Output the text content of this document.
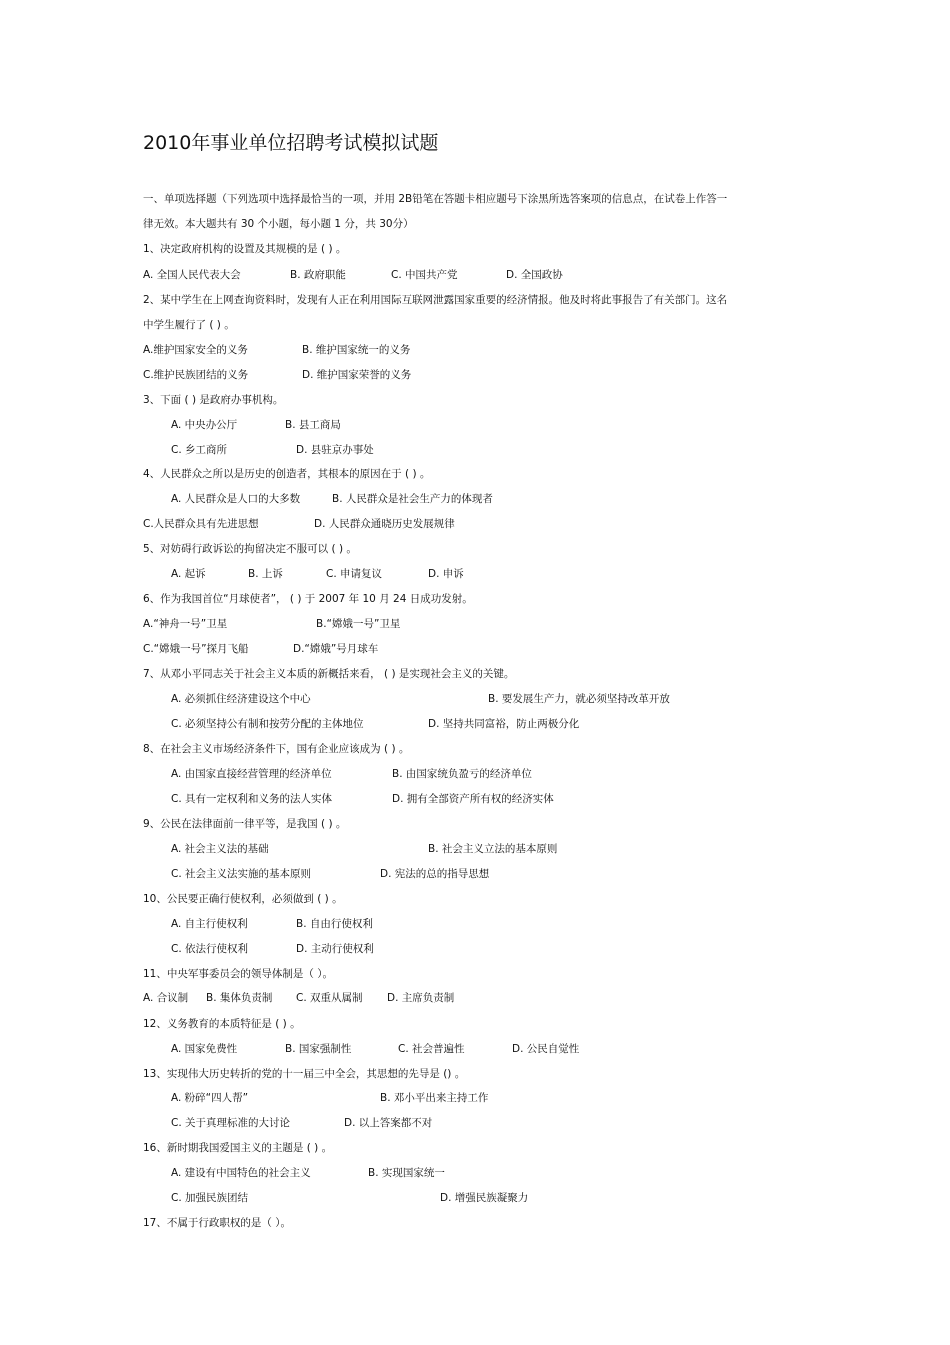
2010年事业单位招聘考试模拟试题
一、单项选择题（下列选项中选择最恰当的一项，并用 2B铅笔在答题卡相应题号下涂黑所选答案项的信息点，在试卷上作答一
律无效。本大题共有 30 个小题，每小题 1 分，共 30分）
1、决定政府机构的设置及其规模的是 ( ) 。
A. 全国人民代表大会	B. 政府职能	C. 中国共产党	D. 全国政协
2、某中学生在上网查询资料时，发现有人正在利用国际互联网泄露国家重要的经济情报。他及时将此事报告了有关部门。这名
中学生履行了 ( ) 。
A.维护国家安全的义务	B. 维护国家统一的义务
C.维护民族团结的义务	D. 维护国家荣誉的义务
3、下面 ( ) 是政府办事机构。
A. 中央办公厅	B. 县工商局
C. 乡工商所	D. 县驻京办事处
4、人民群众之所以是历史的创造者，其根本的原因在于 ( ) 。
A. 人民群众是人口的大多数	B. 人民群众是社会生产力的体现者
C.人民群众具有先进思想	D. 人民群众通晓历史发展规律
5、对妨碍行政诉讼的拘留决定不服可以 ( ) 。
A. 起诉	B. 上诉	C. 申请复议	D. 申诉
6、作为我国首位“月球使者”， ( ) 于 2007 年 10 月 24 日成功发射。
A.“神舟一号”卫星	B.“嫦娥一号”卫星
C.“嫦娥一号”探月飞船	D.“嫦娥”号月球车
7、从邓小平同志关于社会主义本质的新概括来看， ( ) 是实现社会主义的关键。
A. 必须抓住经济建设这个中心	B. 要发展生产力，就必须坚持改革开放
C. 必须坚持公有制和按劳分配的主体地位	D. 坚持共同富裕，防止两极分化
8、在社会主义市场经济条件下，国有企业应该成为 ( ) 。
A. 由国家直接经营管理的经济单位	B. 由国家统负盈亏的经济单位
C. 具有一定权利和义务的法人实体	D. 拥有全部资产所有权的经济实体
9、公民在法律面前一律平等，是我国 ( ) 。
A. 社会主义法的基础	B. 社会主义立法的基本原则
C. 社会主义法实施的基本原则	D. 宪法的总的指导思想
10、公民要正确行使权利，必须做到 ( ) 。
A. 自主行使权利	B. 自由行使权利
C. 依法行使权利	D. 主动行使权利
11、中央军事委员会的领导体制是（ ）。
A. 合议制 B. 集体负责制 C. 双重从属制 D. 主席负责制
12、义务教育的本质特征是 ( ) 。
A. 国家免费性	B. 国家强制性	C. 社会普遍性	D. 公民自觉性
13、实现伟大历史转折的党的十一届三中全会，其思想的先导是 () 。
A. 粉碎“四人帮”	B. 邓小平出来主持工作
C. 关于真理标准的大讨论	D. 以上答案都不对
16、新时期我国爱国主义的主题是 ( ) 。
A. 建设有中国特色的社会主义	B. 实现国家统一
C. 加强民族团结	D. 增强民族凝聚力
17、不属于行政职权的是（ ）。
